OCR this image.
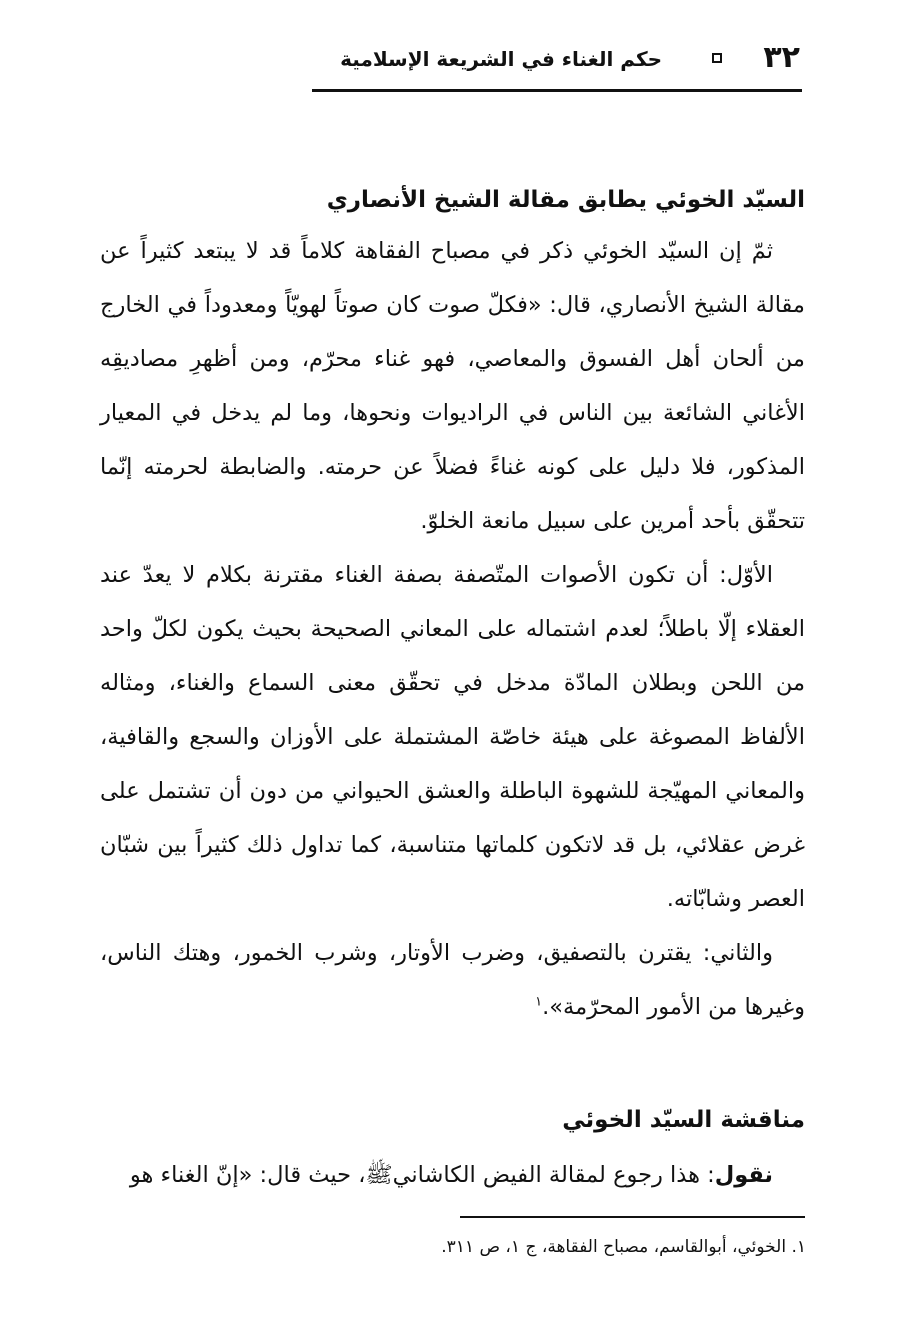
٣٢
حكم الغناء في الشريعة الإسلامية
السيّد الخوئي يطابق مقالة الشيخ الأنصاري

ثمّ إن السيّد الخوئي ذكر في مصباح الفقاهة كلاماً قد لا يبتعد كثيراً عن مقالة الشيخ الأنصاري، قال: «فكلّ صوت كان صوتاً لهويّاً ومعدوداً في الخارج من ألحان أهل الفسوق والمعاصي، فهو غناء محرّم، ومن أظهرِ مصاديقِه الأغاني الشائعة بين الناس في الراديوات ونحوها، وما لم يدخل في المعيار المذكور، فلا دليل على كونه غناءً فضلاً عن حرمته. والضابطة لحرمته إنّما تتحقّق بأحد أمرين على سبيل مانعة الخلوّ.

الأوّل: أن تكون الأصوات المتّصفة بصفة الغناء مقترنة بكلام لا يعدّ عند العقلاء إلّا باطلاً؛ لعدم اشتماله على المعاني الصحيحة بحيث يكون لكلّ واحد من اللحن وبطلان المادّة مدخل في تحقّق معنى السماع والغناء، ومثاله الألفاظ المصوغة على هيئة خاصّة المشتملة على الأوزان والسجع والقافية، والمعاني المهيّجة للشهوة الباطلة والعشق الحيواني من دون أن تشتمل على غرض عقلائي، بل قد لاتكون كلماتها متناسبة، كما تداول ذلك كثيراً بين شبّان العصر وشابّاته.

والثاني: يقترن بالتصفيق، وضرب الأوتار، وشرب الخمور، وهتك الناس، وغيرها من الأمور المحرّمة».$^١$

مناقشة السيّد الخوئي

نقول: هذا رجوع لمقالة الفيض الكاشانيﷺ، حيث قال: «إنّ الغناء هو

١. الخوئي، أبوالقاسم، مصباح الفقاهة، ج ١، ص ٣١١.
